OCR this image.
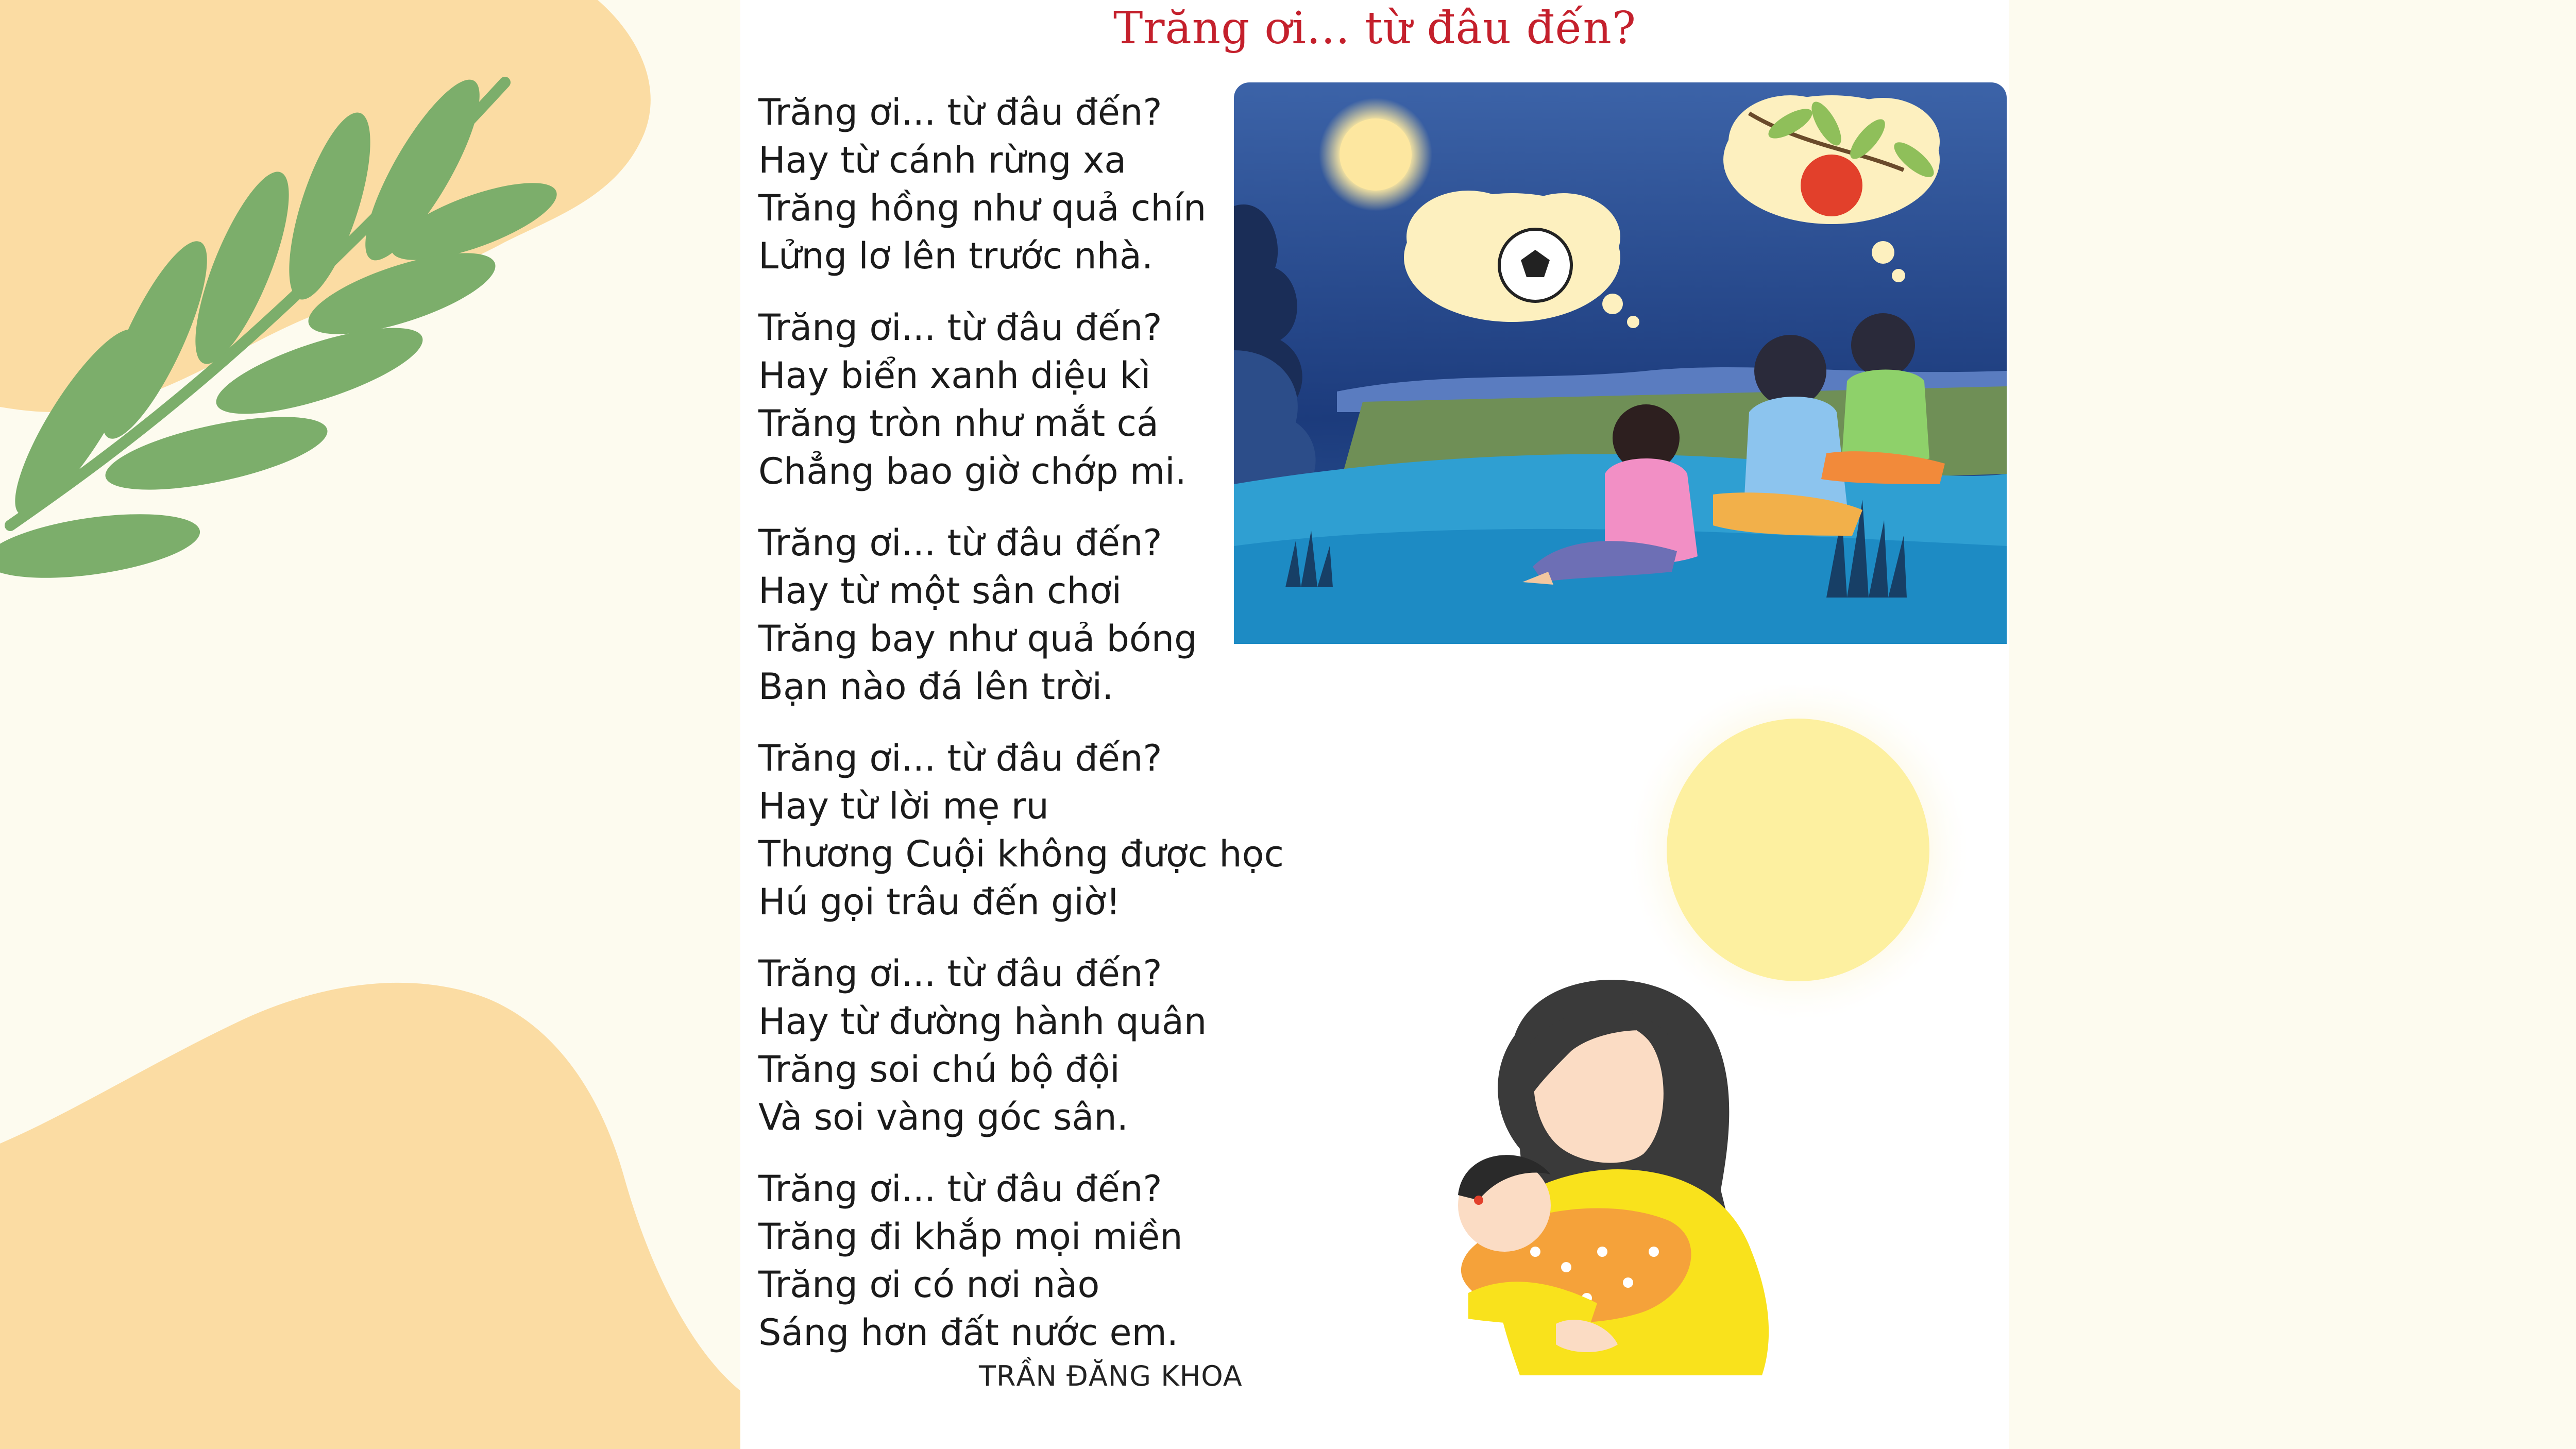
Trăng ơi... từ đâu đến?
Trăng ơi... từ đâu đến?
Hay từ cánh rừng xa
Trăng hồng như quả chín
Lửng lơ lên trước nhà.
Trăng ơi... từ đâu đến?
Hay biển xanh diệu kì
Trăng tròn như mắt cá
Chẳng bao giờ chớp mi.
Trăng ơi... từ đâu đến?
Hay từ một sân chơi
Trăng bay như quả bóng
Bạn nào đá lên trời.
Trăng ơi... từ đâu đến?
Hay từ lời mẹ ru
Thương Cuội không được học
Hú gọi trâu đến giờ!
Trăng ơi... từ đâu đến?
Hay từ đường hành quân
Trăng soi chú bộ đội
Và soi vàng góc sân.
Trăng ơi... từ đâu đến?
Trăng đi khắp mọi miền
Trăng ơi có nơi nào
Sáng hơn đất nước em.
TRẦN ĐĂNG KHOA
